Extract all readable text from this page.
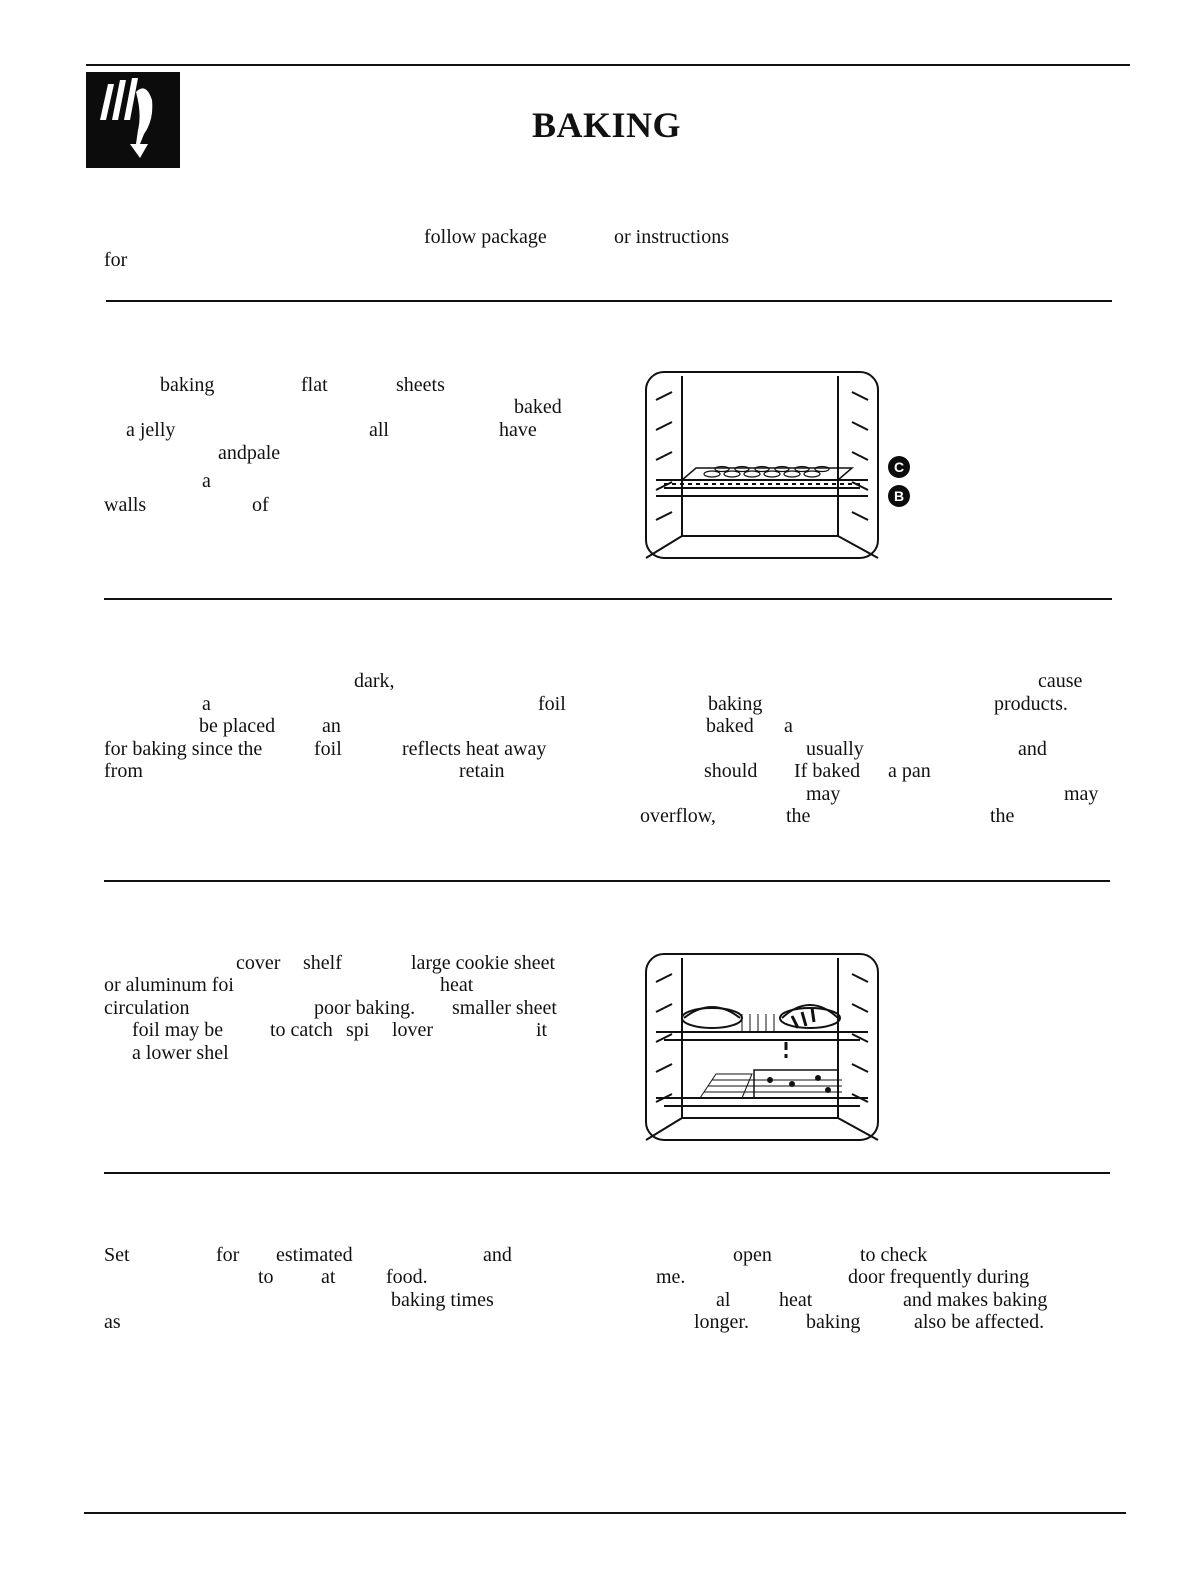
BAKING
follow package	or instructions
for
baking	flat	sheets
baked
a jelly	all	have
andpale
a
walls	of
C
B
dark,
a	foil
be placed an
for baking since the	foil	reflects heat away
from	retain
cause
baking	products.
baked a
usually	and
should If baked a pan
may	may
overflow,	the	the
cover shelf	large cookie sheet
or aluminum foi	heat
circulation	poor baking. smaller sheet
foil may be to catch spi lover	it
a lower shel
Set	for estimated	and
to at	food.
baking times
as
open	to check
me.	door frequently during
al heat	and makes baking
longer.	baking	also be affected.
